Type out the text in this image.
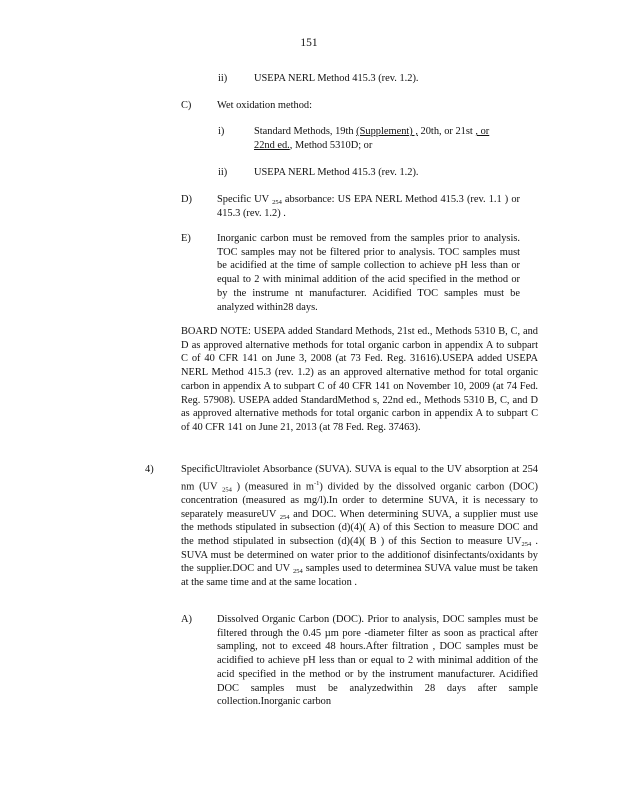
151
ii)	USEPA NERL Method 415.3 (rev. 1.2).
C)	Wet oxidation method:
i)	Standard Methods, 19th (Supplement) , 20th, or 21st , or
22nd ed., Method 5310D; or
ii)	USEPA NERL Method 415.3 (rev. 1.2).
D)	Specific UV $_{254}$ absorbance: US EPA NERL Method 415.3 (rev. 1.1 ) or 415.3 (rev. 1.2) .
E)	Inorganic carbon must be removed from the samples prior to analysis. TOC samples may not be filtered prior to analysis. TOC samples must be acidified at the time of sample collection to achieve pH less than or equal to 2 with minimal addition of the acid specified in the method or by the instrume nt manufacturer. Acidified TOC samples must be analyzed within28 days.
BOARD NOTE: USEPA added Standard Methods, 21st ed., Methods 5310 B, C, and D as approved alternative methods for total organic carbon in appendix A to subpart C of 40 CFR 141 on June 3, 2008 (at 73 Fed. Reg. 31616).USEPA added USEPA NERL Method 415.3 (rev. 1.2) as an approved alternative method for total organic carbon in appendix A to subpart C of 40 CFR 141 on November 10, 2009 (at 74 Fed. Reg. 57908). USEPA added StandardMethod s, 22nd ed., Methods 5310 B, C, and D as approved alternative methods for total organic carbon in appendix A to subpart C of 40 CFR 141 on June 21, 2013 (at 78 Fed. Reg. 37463).
4)	SpecificUltraviolet Absorbance (SUVA). SUVA is equal to the UV absorption at 254 nm (UV $_{254}$ ) (measured in $m^{-1}$) divided by the dissolved organic carbon (DOC) concentration (measured as mg/l).In order to determine SUVA, it is necessary to separately measureUV $_{254}$ and DOC. When determining SUVA, a supplier must use the methods stipulated in subsection (d)(4)( A) of this Section to measure DOC and the method stipulated in subsection (d)(4)( B ) of this Section to measure $UV_{254}$ . SUVA must be determined on water prior to the additionof disinfectants/oxidants by the supplier.DOC and UV $_{254}$ samples used to determinea SUVA value must be taken at the same time and at the same location .
A)	Dissolved Organic Carbon (DOC). Prior to analysis, DOC samples must be filtered through the 0.45 µm pore -diameter filter as soon as practical after sampling, not to exceed 48 hours.After filtration , DOC samples must be acidified to achieve pH less than or equal to 2 with minimal addition of the acid specified in the method or by the instrument manufacturer. Acidified DOC samples must be analyzedwithin 28 days after sample collection.Inorganic carbon
